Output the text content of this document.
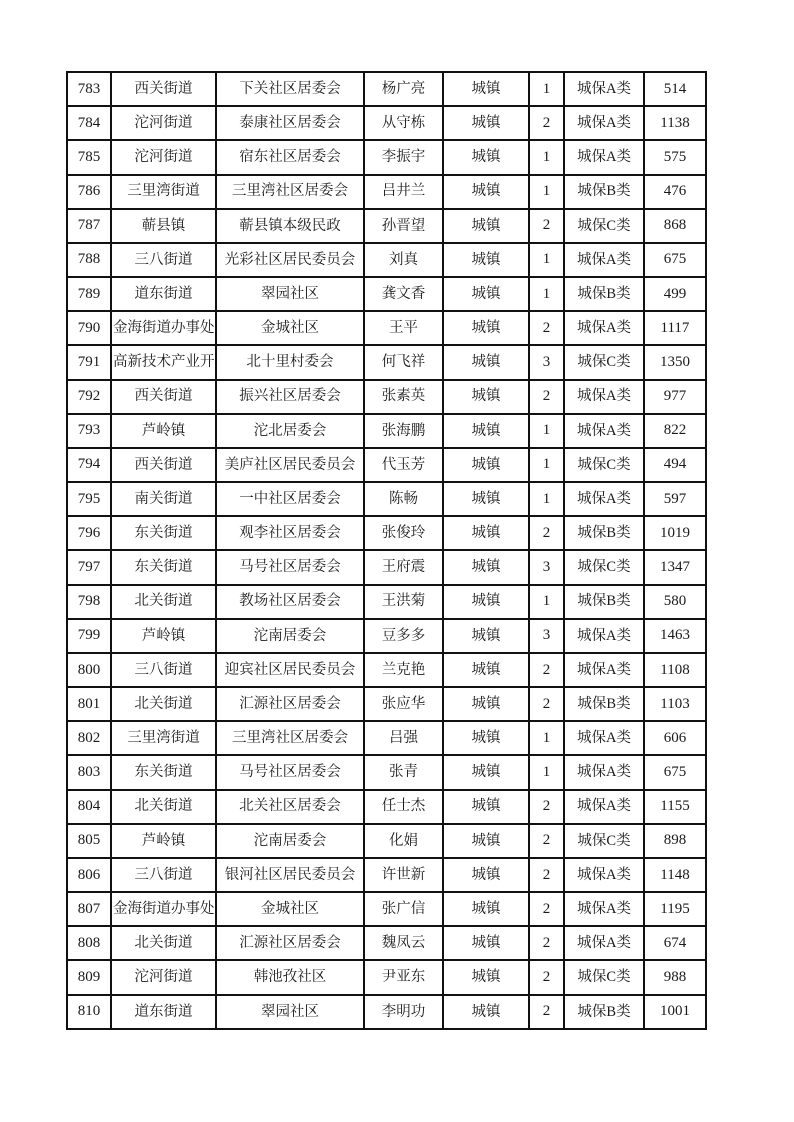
783	西关街道	下关社区居委会	杨广亮	城镇	1	城保A类	514
784	沱河街道	泰康社区居委会	从守栋	城镇	2	城保A类	1138
785	沱河街道	宿东社区居委会	李振宇	城镇	1	城保A类	575
786	三里湾街道	三里湾社区居委会	吕井兰	城镇	1	城保B类	476
787	蕲县镇	蕲县镇本级民政	孙晋望	城镇	2	城保C类	868
788	三八街道	光彩社区居民委员会	刘真	城镇	1	城保A类	675
789	道东街道	翠园社区	龚文香	城镇	1	城保B类	499
790	金海街道办事处	金城社区	王平	城镇	2	城保A类	1117
791	高新技术产业开	北十里村委会	何飞祥	城镇	3	城保C类	1350
792	西关街道	振兴社区居委会	张素英	城镇	2	城保A类	977
793	芦岭镇	沱北居委会	张海鹏	城镇	1	城保A类	822
794	西关街道	美庐社区居民委员会	代玉芳	城镇	1	城保C类	494
795	南关街道	一中社区居委会	陈畅	城镇	1	城保A类	597
796	东关街道	观李社区居委会	张俊玲	城镇	2	城保B类	1019
797	东关街道	马号社区居委会	王府震	城镇	3	城保C类	1347
798	北关街道	教场社区居委会	王洪菊	城镇	1	城保B类	580
799	芦岭镇	沱南居委会	豆多多	城镇	3	城保A类	1463
800	三八街道	迎宾社区居民委员会	兰克艳	城镇	2	城保A类	1108
801	北关街道	汇源社区居委会	张应华	城镇	2	城保B类	1103
802	三里湾街道	三里湾社区居委会	吕强	城镇	1	城保A类	606
803	东关街道	马号社区居委会	张青	城镇	1	城保A类	675
804	北关街道	北关社区居委会	任士杰	城镇	2	城保A类	1155
805	芦岭镇	沱南居委会	化娟	城镇	2	城保C类	898
806	三八街道	银河社区居民委员会	许世新	城镇	2	城保A类	1148
807	金海街道办事处	金城社区	张广信	城镇	2	城保A类	1195
808	北关街道	汇源社区居委会	魏凤云	城镇	2	城保A类	674
809	沱河街道	韩池孜社区	尹亚东	城镇	2	城保C类	988
810	道东街道	翠园社区	李明功	城镇	2	城保B类	1001
